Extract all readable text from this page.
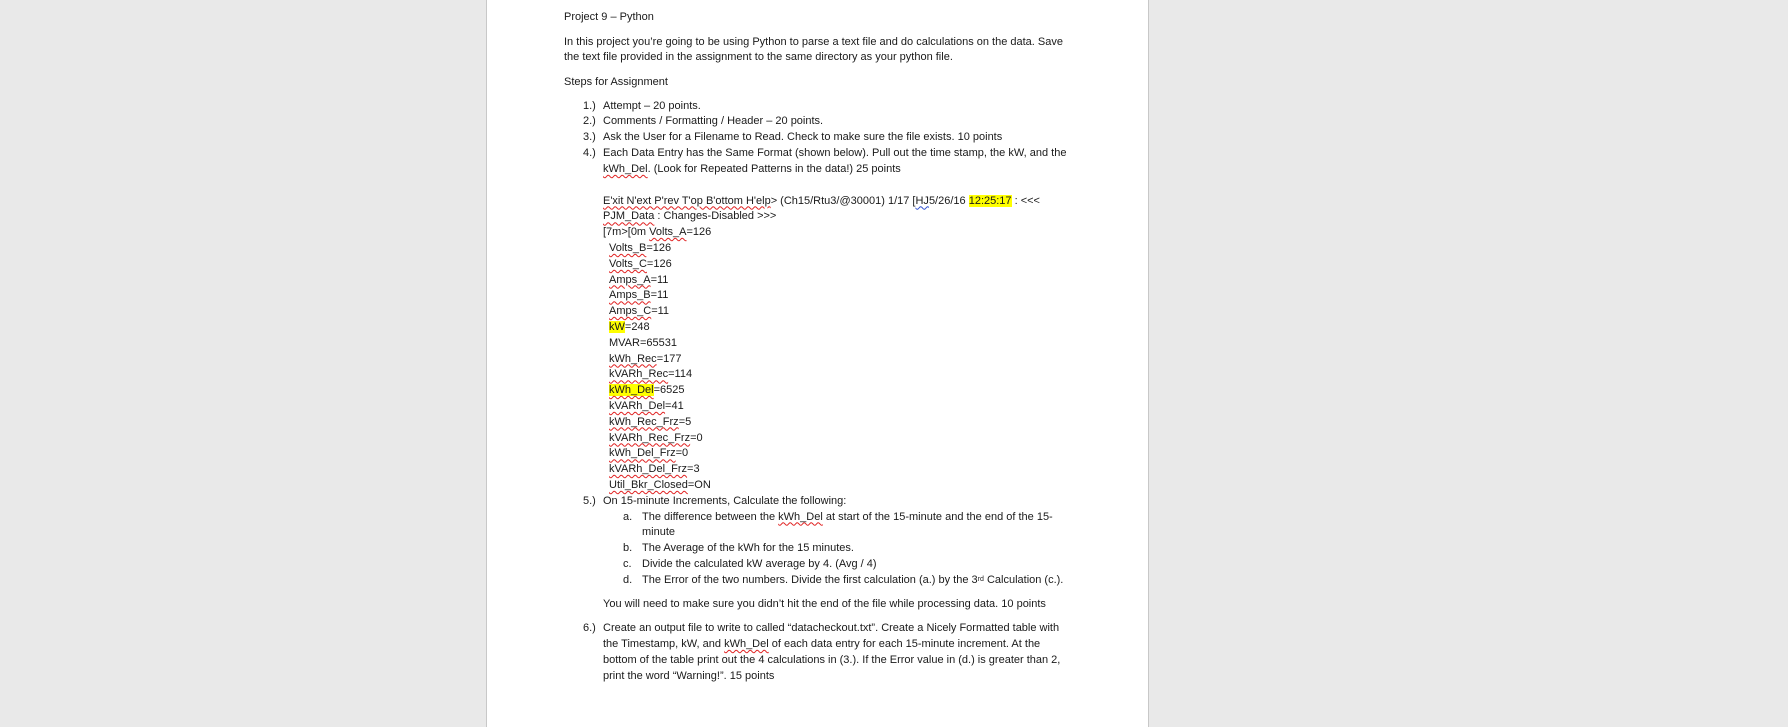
Project 9 – Python

In this project you’re going to be using Python to parse a text file and do calculations on the data. Save the text file provided in the assignment to the same directory as your python file.

Steps for Assignment

1.) Attempt – 20 points.
2.) Comments / Formatting / Header – 20 points.
3.) Ask the User for a Filename to Read. Check to make sure the file exists. 10 points
4.) Each Data Entry has the Same Format (shown below). Pull out the time stamp, the kW, and the

kWh_Del. (Look for Repeated Patterns in the data!) 25 points

E'xit N'ext P'rev T'op B'ottom H'elp> (Ch15/Rtu3/@30001) 1/17 [HJ5/26/16 12:25:17 : <<<

PJM_Data : Changes-Disabled >>>

[7m>[0m Volts_A=126

Volts_B=126

Volts_C=126

Amps_A=11

Amps_B=11

Amps_C=11

kW=248

MVAR=65531

kWh_Rec=177

kVARh_Rec=114

kWh_Del=6525

kVARh_Del=41

kWh_Rec_Frz=5

kVARh_Rec_Frz=0

kWh_Del_Frz=0

kVARh_Del_Frz=3

Util_Bkr_Closed=ON

5.) On 15-minute Increments, Calculate the following:
a. The difference between the kWh_Del at start of the 15-minute and the end of the 15-

minute

b. The Average of the kWh for the 15 minutes.
c. Divide the calculated kW average by 4. (Avg / 4)
d. The Error of the two numbers. Divide the first calculation (a.) by the 3rd Calculation (c.).

You will need to make sure you didn’t hit the end of the file while processing data. 10 points

6.) Create an output file to write to called “datacheckout.txt”. Create a Nicely Formatted table with

the Timestamp, kW, and kWh_Del of each data entry for each 15-minute increment. At the

bottom of the table print out the 4 calculations in (3.). If the Error value in (d.) is greater than 2,

print the word “Warning!”. 15 points
